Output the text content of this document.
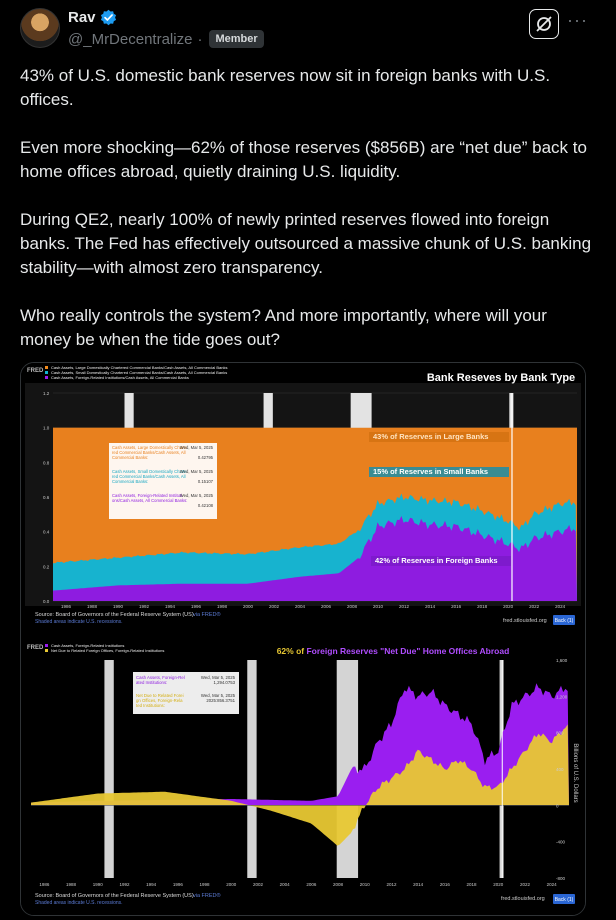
Rav
@_MrDecentralize ·	Member
···

43% of U.S. domestic bank reserves now sit in foreign banks with U.S. offices.

Even more shocking—62% of those reserves ($856B) are “net due” back to home offices abroad, quietly draining U.S. liquidity.

During QE2, nearly 100% of newly printed reserves flowed into foreign banks. The Fed has effectively outsourced a massive chunk of U.S. banking stability—with almost zero transparency.

Who really controls the system? And more importantly, where will your money be when the tide goes out?

FRED
Cash Assets, Large Domestically Chartered Commercial Banks/Cash Assets, All Commercial Banks
Cash Assets, Small Domestically Chartered Commercial Banks/Cash Assets, All Commercial Banks
Cash Assets, Foreign-Related Institutions/Cash Assets, All Commercial Banks	Bank Reseves by Bank Type
0.0
0.2
0.4
0.6
0.8
1.0
1.2
1986	1988	1990	1992	1994	1996	1998	2000	2002	2004	2006	2008	2010	2012	2014	2016	2018	2020	2022	2024
43% of Reserves in Large Banks
15% of Reserves in Small Banks
42% of Reserves in Foreign Banks
Cash Assets, Large Domestically Charte
red Commercial Banks/Cash Assets, All
Commercial Banks:
Wed, Mar 5, 2025
0.42795
Cash Assets, Small Domestically Charte
red Commercial Banks/Cash Assets, All
Commercial Banks:
Wed, Mar 5, 2025
0.15107
Cash Assets, Foreign-Related Instituti
ons/Cash Assets, All Commercial Banks:
Wed, Mar 5, 2025
0.42108
Source: Board of Governors of the Federal Reserve System (US) via FRED®
Shaded areas indicate U.S. recessions.	fred.stlouisfed.org Back (1)
FRED Cash Assets, Foreign-Related Institutions
Net Due to Related Foreign Offices, Foreign-Related Institutions	62% of Foreign Reserves "Net Due" Home Offices Abroad
-800
-400
0
400
800
1,200
1,600
1986	1988	1990	1992	1994	1996	1998	2000	2002	2004	2006	2008	2010	2012	2014	2016	2018	2020	2022	2024
Billions of U.S. Dollars
Cash Assets, Foreign-Rel
ated Institutions:
Wed, Mar 5, 2025
1,294.0753
Net Due to Related Forei
gn Offices, Foreign-Rela
ted Institutions:
Wed, Mar 5, 2025
2025:856.3751
Source: Board of Governors of the Federal Reserve System (US) via FRED®
Shaded areas indicate U.S. recessions.
fred.stlouisfed.org Back (1)
